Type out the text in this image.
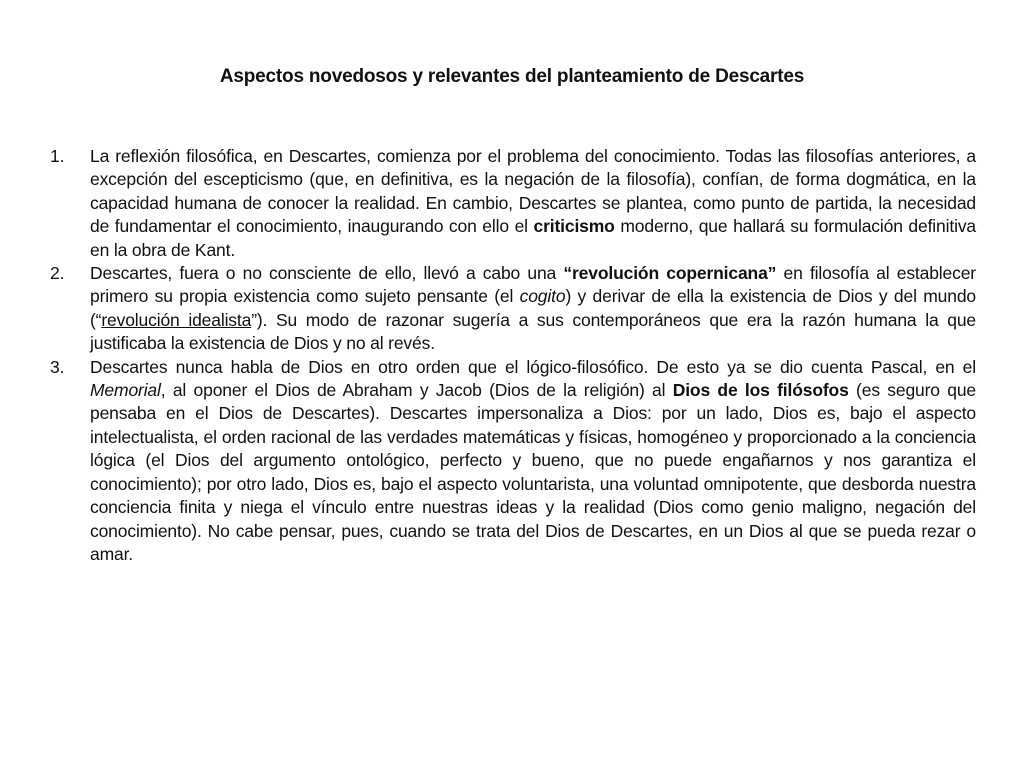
Aspectos novedosos y relevantes del planteamiento de Descartes
1. La reflexión filosófica, en Descartes, comienza por el problema del conocimiento. Todas las filosofías anteriores, a excepción del escepticismo (que, en definitiva, es la negación de la filosofía), confían, de forma dogmática, en la capacidad humana de conocer la realidad. En cambio, Descartes se plantea, como punto de partida, la necesidad de fundamentar el conocimiento, inaugurando con ello el criticismo moderno, que hallará su formulación definitiva en la obra de Kant.
2. Descartes, fuera o no consciente de ello, llevó a cabo una “revolución copernicana” en filosofía al establecer primero su propia existencia como sujeto pensante (el cogito) y derivar de ella la existencia de Dios y del mundo (“revolución idealista”). Su modo de razonar sugería a sus contemporáneos que era la razón humana la que justificaba la existencia de Dios y no al revés.
3. Descartes nunca habla de Dios en otro orden que el lógico-filosófico. De esto ya se dio cuenta Pascal, en el Memorial, al oponer el Dios de Abraham y Jacob (Dios de la religión) al Dios de los filósofos (es seguro que pensaba en el Dios de Descartes). Descartes impersonaliza a Dios: por un lado, Dios es, bajo el aspecto intelectualista, el orden racional de las verdades matemáticas y físicas, homogéneo y proporcionado a la conciencia lógica (el Dios del argumento ontológico, perfecto y bueno, que no puede engañarnos y nos garantiza el conocimiento); por otro lado, Dios es, bajo el aspecto voluntarista, una voluntad omnipotente, que desborda nuestra conciencia finita y niega el vínculo entre nuestras ideas y la realidad (Dios como genio maligno, negación del conocimiento). No cabe pensar, pues, cuando se trata del Dios de Descartes, en un Dios al que se pueda rezar o amar.
